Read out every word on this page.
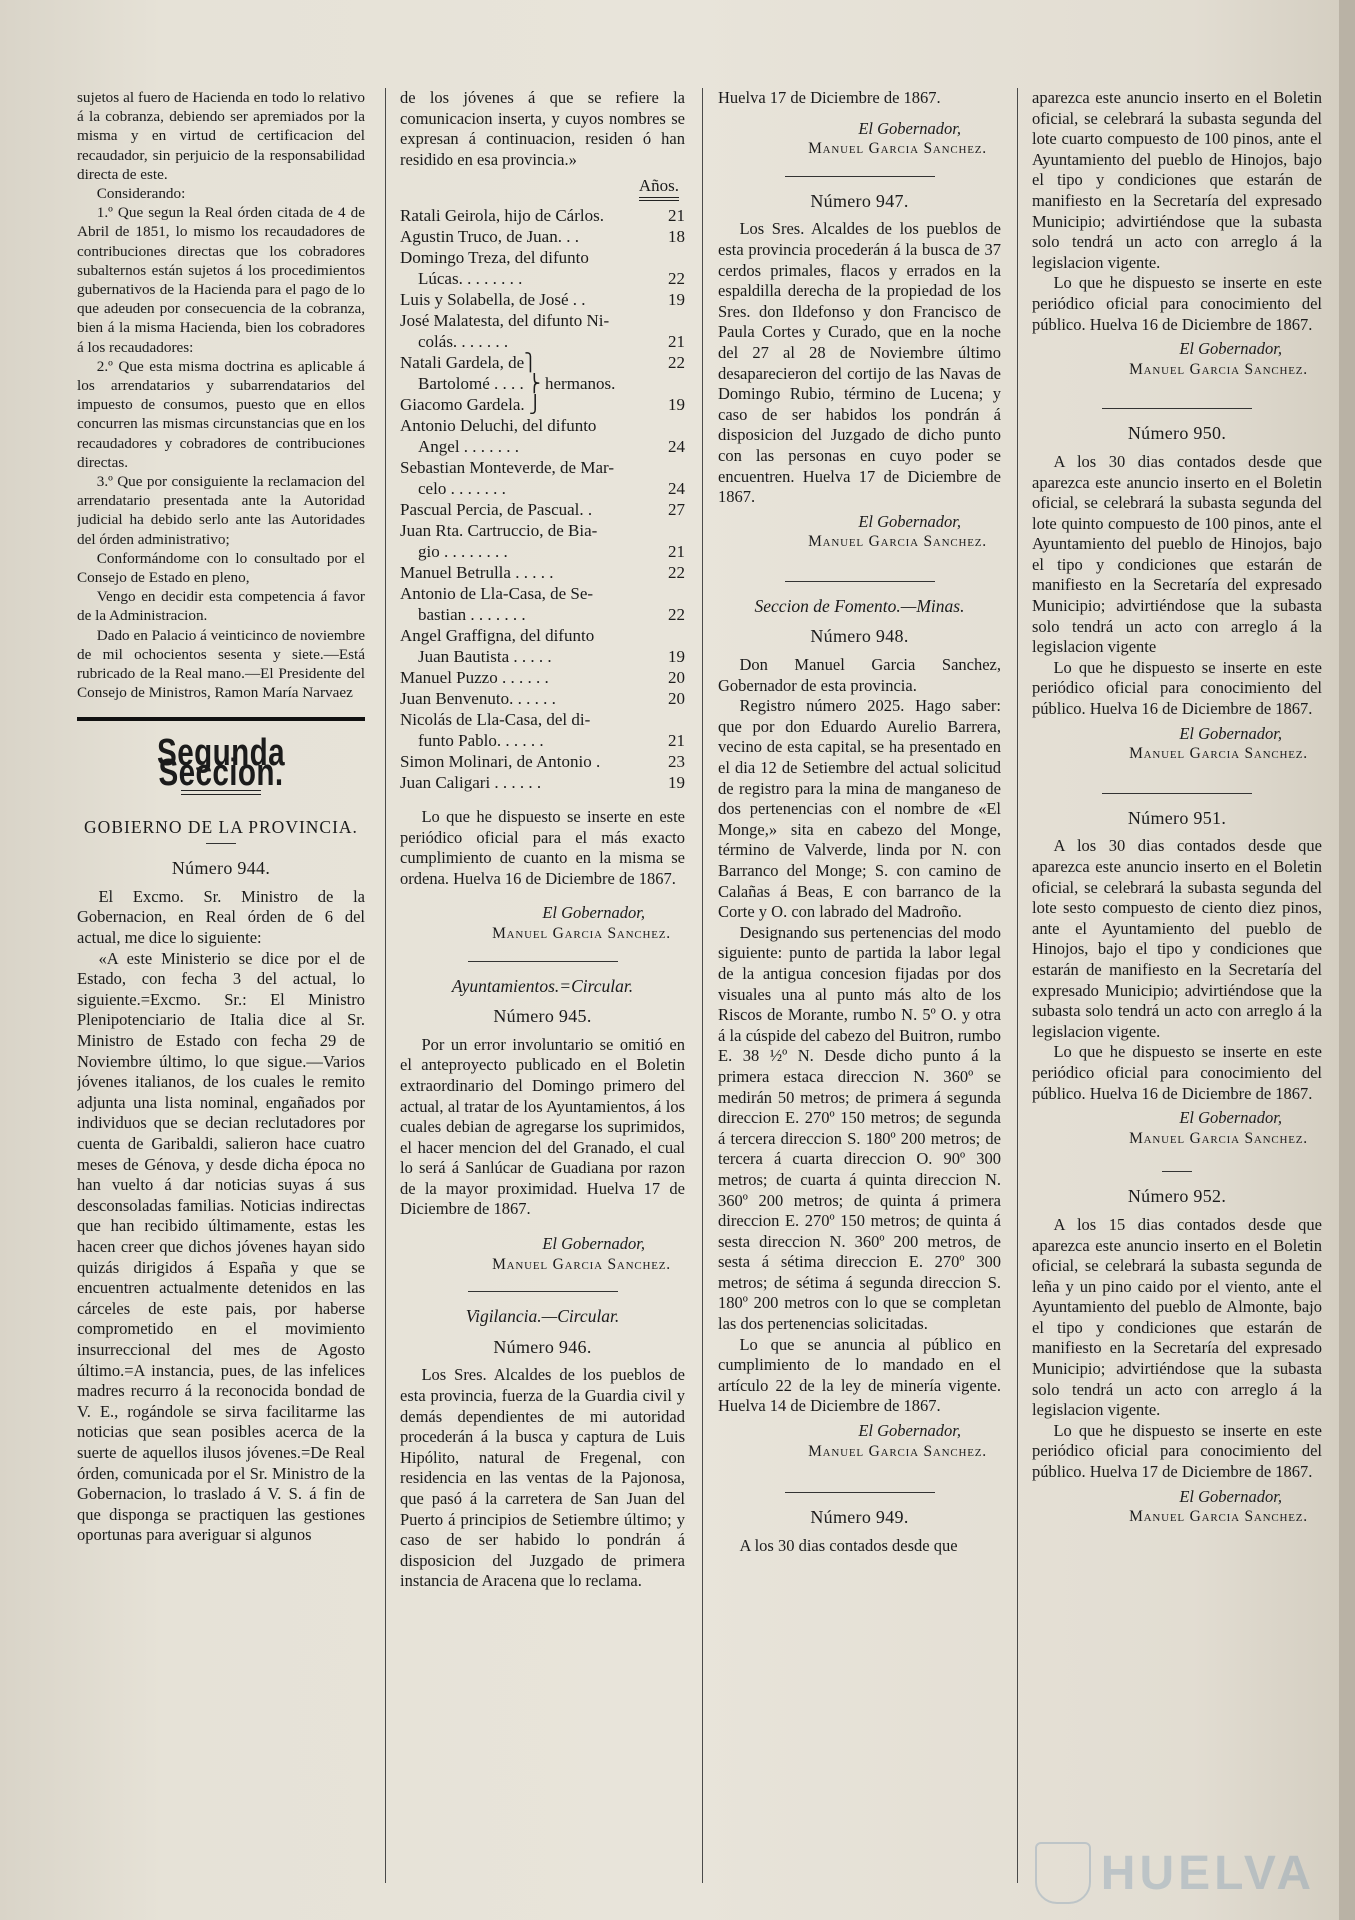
sujetos al fuero de Hacienda en todo lo relativo á la cobranza, debiendo ser apremiados por la misma y en virtud de certificacion del recaudador, sin perjuicio de la responsabilidad directa de este.

Considerando:

1.º Que segun la Real órden citada de 4 de Abril de 1851, lo mismo los recaudadores de contribuciones directas que los cobradores subalternos están sujetos á los procedimientos gubernativos de la Hacienda para el pago de lo que adeuden por consecuencia de la cobranza, bien á la misma Hacienda, bien los cobradores á los recaudadores:

2.º Que esta misma doctrina es aplicable á los arrendatarios y subarrendatarios del impuesto de consumos, puesto que en ellos concurren las mismas circunstancias que en los recaudadores y cobradores de contribuciones directas.

3.º Que por consiguiente la reclamacion del arrendatario presentada ante la Autoridad judicial ha debido serlo ante las Autoridades del órden administrativo;

Conformándome con lo consultado por el Consejo de Estado en pleno,

Vengo en decidir esta competencia á favor de la Administracion.

Dado en Palacio á veinticinco de noviembre de mil ochocientos sesenta y siete.—Está rubricado de la Real mano.—El Presidente del Consejo de Ministros, Ramon María Narvaez

Segunda Seccion.
GOBIERNO DE LA PROVINCIA.
Número 944.

El Excmo. Sr. Ministro de la Gobernacion, en Real órden de 6 del actual, me dice lo siguiente:

«A este Ministerio se dice por el de Estado, con fecha 3 del actual, lo siguiente.=Excmo. Sr.: El Ministro Plenipotenciario de Italia dice al Sr. Ministro de Estado con fecha 29 de Noviembre último, lo que sigue.—Varios jóvenes italianos, de los cuales le remito adjunta una lista nominal, engañados por individuos que se decian reclutadores por cuenta de Garibaldi, salieron hace cuatro meses de Génova, y desde dicha época no han vuelto á dar noticias suyas á sus desconsoladas familias. Noticias indirectas que han recibido últimamente, estas les hacen creer que dichos jóvenes hayan sido quizás dirigidos á España y que se encuentren actualmente detenidos en las cárceles de este pais, por haberse comprometido en el movimiento insurreccional del mes de Agosto último.=A instancia, pues, de las infelices madres recurro á la reconocida bondad de V. E., rogándole se sirva facilitarme las noticias que sean posibles acerca de la suerte de aquellos ilusos jóvenes.=De Real órden, comunicada por el Sr. Ministro de la Gobernacion, lo traslado á V. S. á fin de que disponga se practiquen las gestiones oportunas para averiguar si algunos

de los jóvenes á que se refiere la comunicacion inserta, y cuyos nombres se expresan á continuacion, residen ó han residido en esa provincia.»

Años.
Ratali Geirola, hijo de Cárlos.	21
Agustin Truco, de Juan. . .	18
Domingo Treza, del difunto
Lúcas. . . . . . . .	22
Luis y Solabella, de José . .	19
José Malatesta, del difunto Ni-
colás. . . . . . .	21
Natali Gardela, de⎫	22
Bartolomé . . . . ⎬ hermanos.
Giacomo Gardela. ⎭	19
Antonio Deluchi, del difunto
Angel . . . . . . .	24
Sebastian Monteverde, de Mar-
celo . . . . . . .	24
Pascual Percia, de Pascual. .	27
Juan Rta. Cartruccio, de Bia-
gio . . . . . . . .	21
Manuel Betrulla . . . . .	22
Antonio de Lla-Casa, de Se-
bastian . . . . . . .	22
Angel Graffigna, del difunto
Juan Bautista . . . . .	19
Manuel Puzzo . . . . . .	20
Juan Benvenuto. . . . . .	20
Nicolás de Lla-Casa, del di-
funto Pablo. . . . . .	21
Simon Molinari, de Antonio .	23
Juan Caligari . . . . . .	19

Lo que he dispuesto se inserte en este periódico oficial para el más exacto cumplimiento de cuanto en la misma se ordena. Huelva 16 de Diciembre de 1867.

El Gobernador,
Manuel Garcia Sanchez.
Ayuntamientos.=Circular.
Número 945.

Por un error involuntario se omitió en el anteproyecto publicado en el Boletin extraordinario del Domingo primero del actual, al tratar de los Ayuntamientos, á los cuales debian de agregarse los suprimidos, el hacer mencion del del Granado, el cual lo será á Sanlúcar de Guadiana por razon de la mayor proximidad. Huelva 17 de Diciembre de 1867.

El Gobernador,
Manuel Garcia Sanchez.
Vigilancia.—Circular.
Número 946.

Los Sres. Alcaldes de los pueblos de esta provincia, fuerza de la Guardia civil y demás dependientes de mi autoridad procederán á la busca y captura de Luis Hipólito, natural de Fregenal, con residencia en las ventas de la Pajonosa, que pasó á la carretera de San Juan del Puerto á principios de Setiembre último; y caso de ser habido lo pondrán á disposicion del Juzgado de primera instancia de Aracena que lo reclama.

Huelva 17 de Diciembre de 1867.

El Gobernador,
Manuel Garcia Sanchez.
Número 947.

Los Sres. Alcaldes de los pueblos de esta provincia procederán á la busca de 37 cerdos primales, flacos y errados en la espaldilla derecha de la propiedad de los Sres. don Ildefonso y don Francisco de Paula Cortes y Curado, que en la noche del 27 al 28 de Noviembre último desaparecieron del cortijo de las Navas de Domingo Rubio, término de Lucena; y caso de ser habidos los pondrán á disposicion del Juzgado de dicho punto con las personas en cuyo poder se encuentren. Huelva 17 de Diciembre de 1867.

El Gobernador,
Manuel Garcia Sanchez.
Seccion de Fomento.—Minas.
Número 948.

Don Manuel Garcia Sanchez, Gobernador de esta provincia.

Registro número 2025. Hago saber: que por don Eduardo Aurelio Barrera, vecino de esta capital, se ha presentado en el dia 12 de Setiembre del actual solicitud de registro para la mina de manganeso de dos pertenencias con el nombre de «El Monge,» sita en cabezo del Monge, término de Valverde, linda por N. con Barranco del Monge; S. con camino de Calañas á Beas, E con barranco de la Corte y O. con labrado del Madroño.

Designando sus pertenencias del modo siguiente: punto de partida la labor legal de la antigua concesion fijadas por dos visuales una al punto más alto de los Riscos de Morante, rumbo N. 5º O. y otra á la cúspide del cabezo del Buitron, rumbo E. 38 ½º N. Desde dicho punto á la primera estaca direccion N. 360º se medirán 50 metros; de primera á segunda direccion E. 270º 150 metros; de segunda á tercera direccion S. 180º 200 metros; de tercera á cuarta direccion O. 90º 300 metros; de cuarta á quinta direccion N. 360º 200 metros; de quinta á primera direccion E. 270º 150 metros; de quinta á sesta direccion N. 360º 200 metros, de sesta á sétima direccion E. 270º 300 metros; de sétima á segunda direccion S. 180º 200 metros con lo que se completan las dos pertenencias solicitadas.

Lo que se anuncia al público en cumplimiento de lo mandado en el artículo 22 de la ley de minería vigente. Huelva 14 de Diciembre de 1867.

El Gobernador,
Manuel Garcia Sanchez.
Número 949.

A los 30 dias contados desde que

aparezca este anuncio inserto en el Boletin oficial, se celebrará la subasta segunda del lote cuarto compuesto de 100 pinos, ante el Ayuntamiento del pueblo de Hinojos, bajo el tipo y condiciones que estarán de manifiesto en la Secretaría del expresado Municipio; advirtiéndose que la subasta solo tendrá un acto con arreglo á la legislacion vigente.

Lo que he dispuesto se inserte en este periódico oficial para conocimiento del público. Huelva 16 de Diciembre de 1867.

El Gobernador,
Manuel Garcia Sanchez.
Número 950.

A los 30 dias contados desde que aparezca este anuncio inserto en el Boletin oficial, se celebrará la subasta segunda del lote quinto compuesto de 100 pinos, ante el Ayuntamiento del pueblo de Hinojos, bajo el tipo y condiciones que estarán de manifiesto en la Secretaría del expresado Municipio; advirtiéndose que la subasta solo tendrá un acto con arreglo á la legislacion vigente

Lo que he dispuesto se inserte en este periódico oficial para conocimiento del público. Huelva 16 de Diciembre de 1867.

El Gobernador,
Manuel Garcia Sanchez.
Número 951.

A los 30 dias contados desde que aparezca este anuncio inserto en el Boletin oficial, se celebrará la subasta segunda del lote sesto compuesto de ciento diez pinos, ante el Ayuntamiento del pueblo de Hinojos, bajo el tipo y condiciones que estarán de manifiesto en la Secretaría del expresado Municipio; advirtiéndose que la subasta solo tendrá un acto con arreglo á la legislacion vigente.

Lo que he dispuesto se inserte en este periódico oficial para conocimiento del público. Huelva 16 de Diciembre de 1867.

El Gobernador,
Manuel Garcia Sanchez.
Número 952.

A los 15 dias contados desde que aparezca este anuncio inserto en el Boletin oficial, se celebrará la subasta segunda de leña y un pino caido por el viento, ante el Ayuntamiento del pueblo de Almonte, bajo el tipo y condiciones que estarán de manifiesto en la Secretaría del expresado Municipio; advirtiéndose que la subasta solo tendrá un acto con arreglo á la legislacion vigente.

Lo que he dispuesto se inserte en este periódico oficial para conocimiento del público. Huelva 17 de Diciembre de 1867.

El Gobernador,
Manuel Garcia Sanchez.
HUELVA
